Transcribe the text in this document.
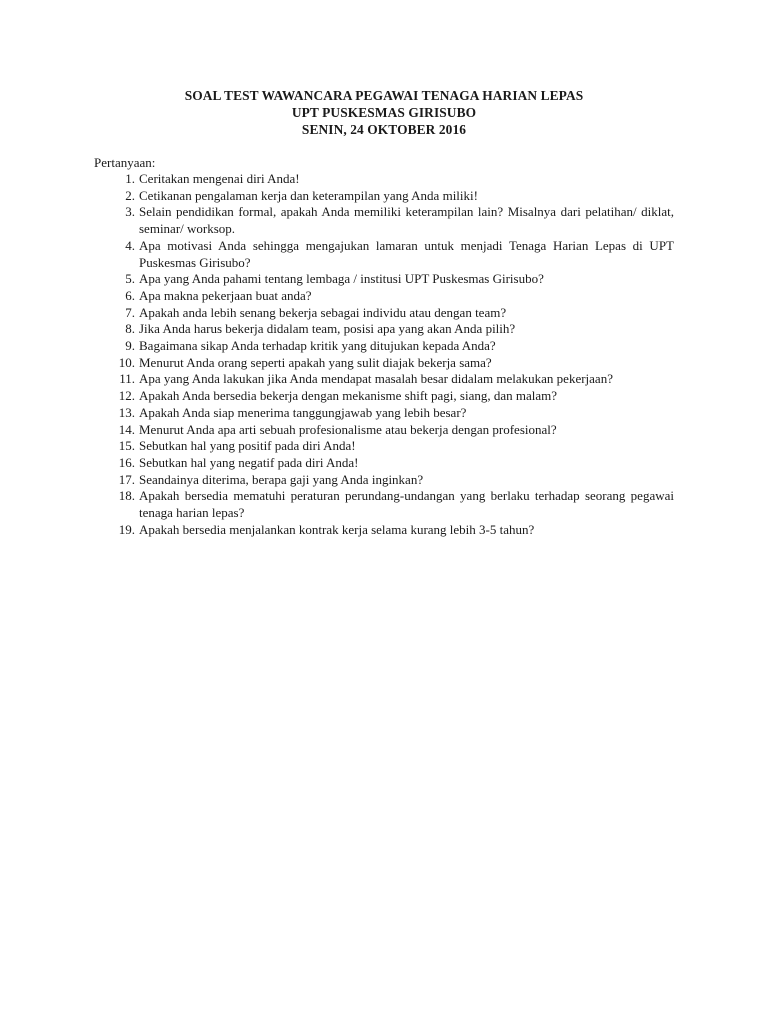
SOAL TEST WAWANCARA PEGAWAI TENAGA HARIAN LEPAS
UPT PUSKESMAS GIRISUBO
SENIN, 24 OKTOBER 2016
Pertanyaan:
1. Ceritakan mengenai diri Anda!
2. Cetikanan pengalaman kerja dan keterampilan yang Anda miliki!
3. Selain pendidikan formal, apakah Anda memiliki keterampilan lain? Misalnya dari pelatihan/ diklat, seminar/ worksop.
4. Apa motivasi Anda sehingga mengajukan lamaran untuk menjadi Tenaga Harian Lepas di UPT Puskesmas Girisubo?
5. Apa yang Anda pahami tentang lembaga / institusi UPT Puskesmas Girisubo?
6. Apa makna pekerjaan buat anda?
7. Apakah anda lebih senang bekerja sebagai individu atau dengan team?
8. Jika Anda harus bekerja didalam team, posisi apa yang akan Anda pilih?
9. Bagaimana sikap Anda terhadap kritik yang ditujukan kepada Anda?
10. Menurut Anda orang seperti apakah yang sulit diajak bekerja sama?
11. Apa yang Anda lakukan jika Anda mendapat masalah besar didalam melakukan pekerjaan?
12. Apakah Anda bersedia bekerja dengan mekanisme shift pagi, siang, dan malam?
13. Apakah Anda siap menerima tanggungjawab yang lebih besar?
14. Menurut Anda apa arti sebuah profesionalisme atau bekerja dengan profesional?
15. Sebutkan hal yang positif pada diri Anda!
16. Sebutkan hal yang negatif pada diri Anda!
17. Seandainya diterima, berapa gaji yang Anda inginkan?
18. Apakah bersedia mematuhi peraturan perundang-undangan yang berlaku terhadap seorang pegawai tenaga harian lepas?
19. Apakah bersedia menjalankan kontrak kerja selama kurang lebih 3-5 tahun?
